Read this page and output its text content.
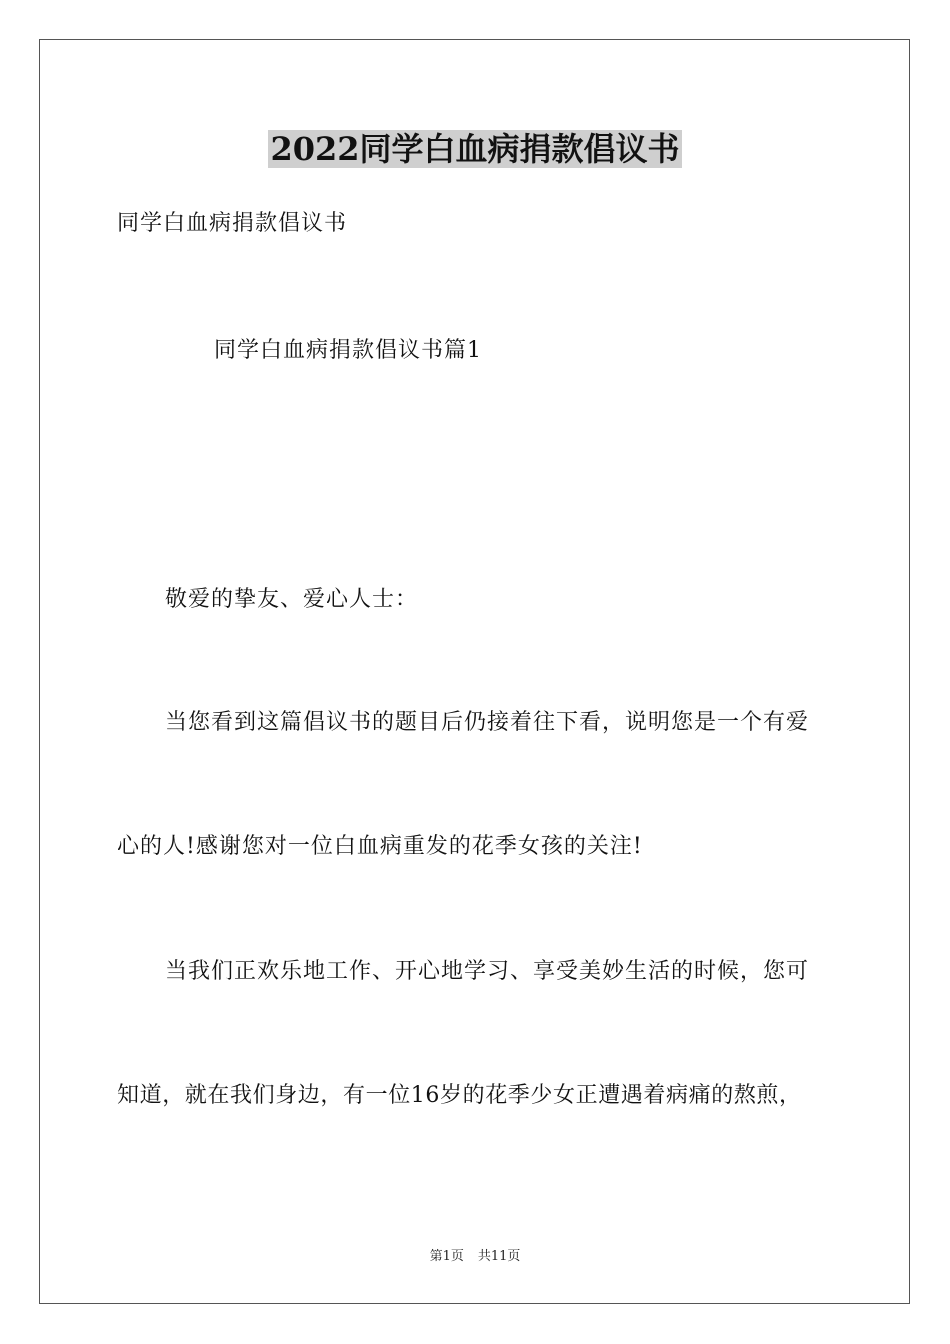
2022同学白血病捐款倡议书
同学白血病捐款倡议书
同学白血病捐款倡议书篇1
敬爱的挚友、爱心人士：
当您看到这篇倡议书的题目后仍接着往下看，说明您是一个有爱
心的人!感谢您对一位白血病重发的花季女孩的关注!
当我们正欢乐地工作、开心地学习、享受美妙生活的时候，您可
知道，就在我们身边，有一位16岁的花季少女正遭遇着病痛的熬煎，
第1页 共11页
